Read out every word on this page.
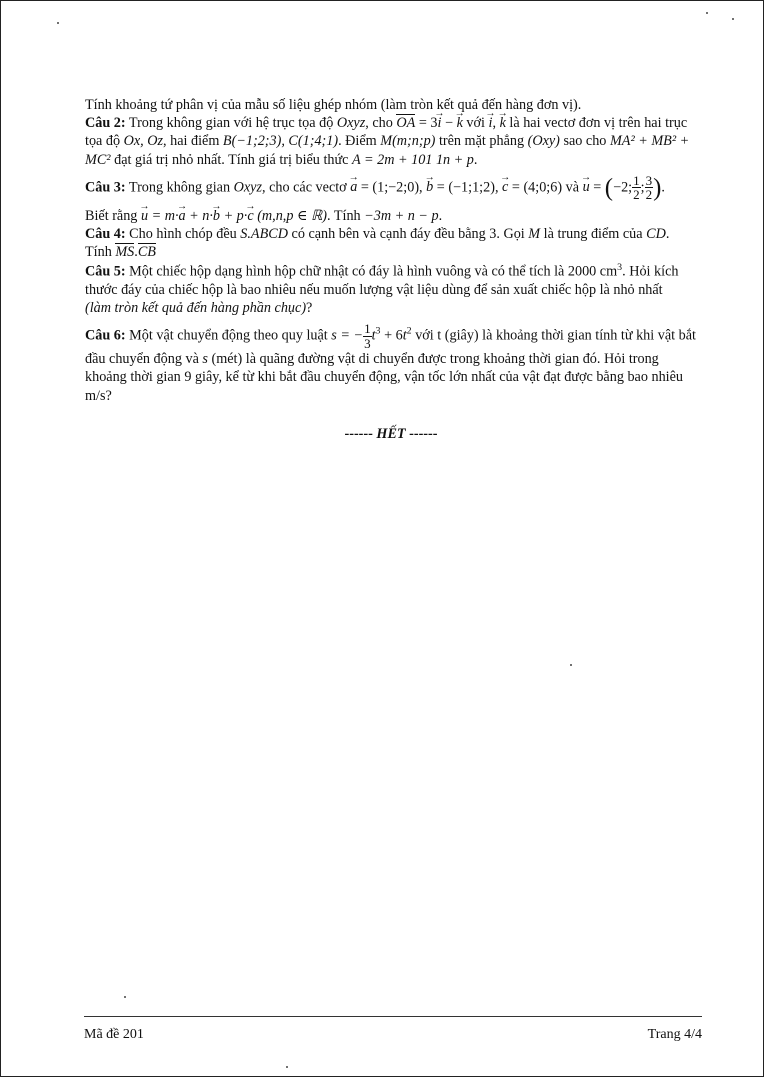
Tính khoảng tứ phân vị của mẫu số liệu ghép nhóm (làm tròn kết quả đến hàng đơn vị).

Câu 2: Trong không gian với hệ trục tọa độ Oxyz, cho OA = 3→ i − → k với → i, → k là hai vectơ đơn vị trên hai trục tọa độ Ox, Oz, hai điểm B(−1;2;3), C(1;4;1). Điểm M(m;n;p) trên mặt phẳng (Oxy) sao cho MA² + MB² + MC² đạt giá trị nhỏ nhất. Tính giá trị biểu thức A = 2m + 101 1n + p.

Câu 3: Trong không gian Oxyz, cho các vectơ → a = (1;−2;0), → b = (−1;1;2), → c = (4;0;6) và → u = (−2; $\frac{1}{2}$ ; $\frac{3}{2}$ ).

Biết rằng → u = m·→ a + n·→ b + p·→ c (m,n,p ∈ ℝ). Tính −3m + n − p.

Câu 4: Cho hình chóp đều S.ABCD có cạnh bên và cạnh đáy đều bằng 3. Gọi M là trung điểm của CD.
Tính MS.CB

Câu 5: Một chiếc hộp dạng hình hộp chữ nhật có đáy là hình vuông và có thể tích là 2000 $cm^3$. Hỏi kích thước đáy của chiếc hộp là bao nhiêu nếu muốn lượng vật liệu dùng để sản xuất chiếc hộp là nhỏ nhất
(làm tròn kết quả đến hàng phần chục)?

Câu 6: Một vật chuyển động theo quy luật s = − $\frac{1}{3} t^3 + 6t^2$ với t (giây) là khoảng thời gian tính từ khi vật bắt đầu chuyển động và s (mét) là quãng đường vật di chuyển được trong khoảng thời gian đó. Hỏi trong khoảng thời gian 9 giây, kể từ khi bắt đầu chuyển động, vận tốc lớn nhất của vật đạt được bằng bao nhiêu m/s?

------ HẾT ------

Mã đề 201	Trang 4/4
